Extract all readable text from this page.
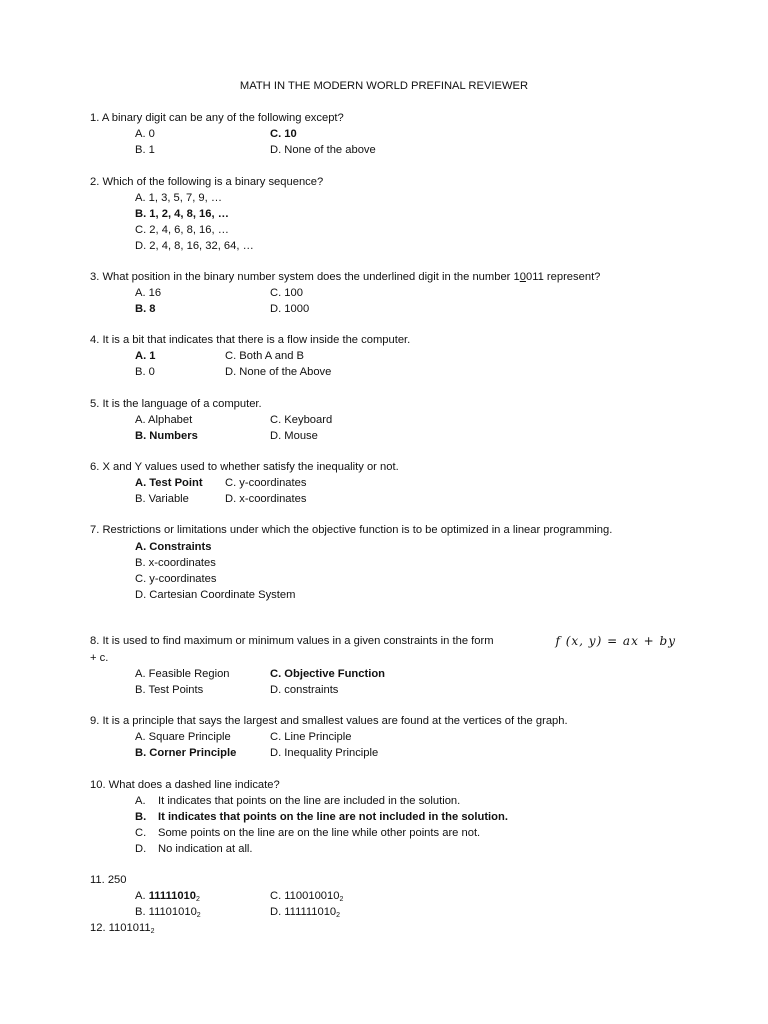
MATH IN THE MODERN WORLD PREFINAL REVIEWER
1. A binary digit can be any of the following except?
A. 0	C. 10
B. 1	D. None of the above
2. Which of the following is a binary sequence?
A. 1, 3, 5, 7, 9, …
B. 1, 2, 4, 8, 16, …
C. 2, 4, 6, 8, 16, …
D. 2, 4, 8, 16, 32, 64, …
3. What position in the binary number system does the underlined digit in the number 10011 represent?
A. 16	C. 100
B. 8	D. 1000
4. It is a bit that indicates that there is a flow inside the computer.
A. 1	C. Both A and B
B. 0	D. None of the Above
5. It is the language of a computer.
A. Alphabet	C. Keyboard
B. Numbers	D. Mouse
6. X and Y values used to whether satisfy the inequality or not.
A. Test Point C. y-coordinates
B. Variable	D. x-coordinates
7. Restrictions or limitations under which the objective function is to be optimized in a linear programming.
A. Constraints
B. x-coordinates
C. y-coordinates
D. Cartesian Coordinate System
8. It is used to find maximum or minimum values in a given constraints in the form	f (x, y) = ax + by
+ c.
A. Feasible Region	C. Objective Function
B. Test Points	D. constraints
9. It is a principle that says the largest and smallest values are found at the vertices of the graph.
A. Square Principle	C. Line Principle
B. Corner Principle	D. Inequality Principle
10. What does a dashed line indicate?
A. It indicates that points on the line are included in the solution.
B. It indicates that points on the line are not included in the solution.
C. Some points on the line are on the line while other points are not.
D. No indication at all.
11. 250
A. $11111010_2$	C. $110010010_2$
B. $11101010_2$	D. $111111010_2$
12. $1101011_2$
